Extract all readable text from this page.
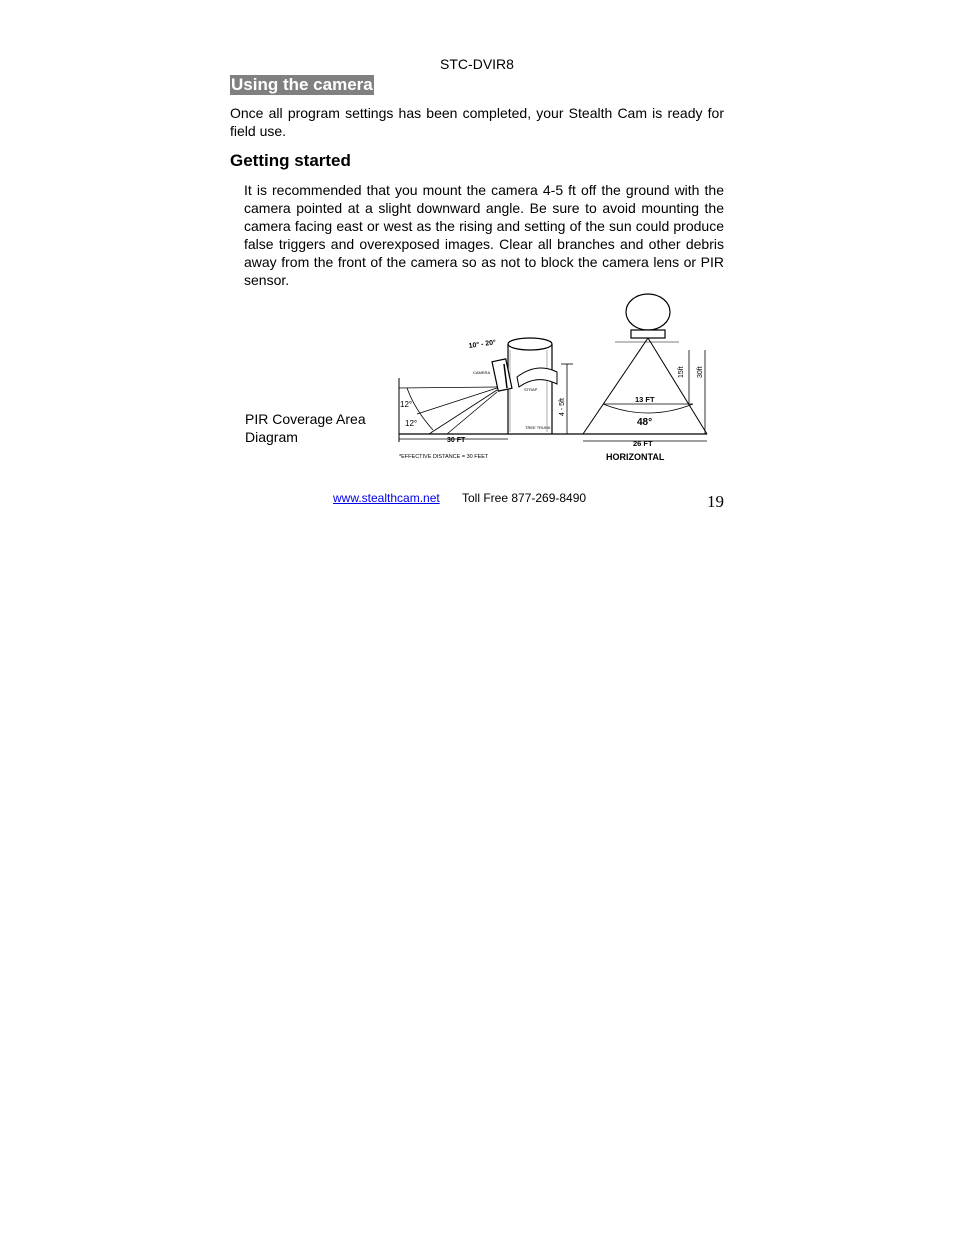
STC-DVIR8
Using the camera

Once all program settings has been completed, your Stealth Cam is ready for field use.

Getting started

It is recommended that you mount the camera 4-5 ft off the ground with the camera pointed at a slight downward angle. Be sure to avoid mounting the camera facing east or west as the rising and setting of the sun could produce false triggers and overexposed images. Clear all branches and other debris away from the front of the camera so as not to block the camera lens or PIR sensor.

PIR Coverage Area Diagram
10° - 20°
CAMERA
STRAP
TREE TRUNK
4 - 5ft
12°
12°
30 FT
*EFFECTIVE DISTANCE = 30 FEET
13 FT
48°
26 FT
15ft 30ft
HORIZONTAL
www.stealthcam.net Toll Free 877-269-8490	19
